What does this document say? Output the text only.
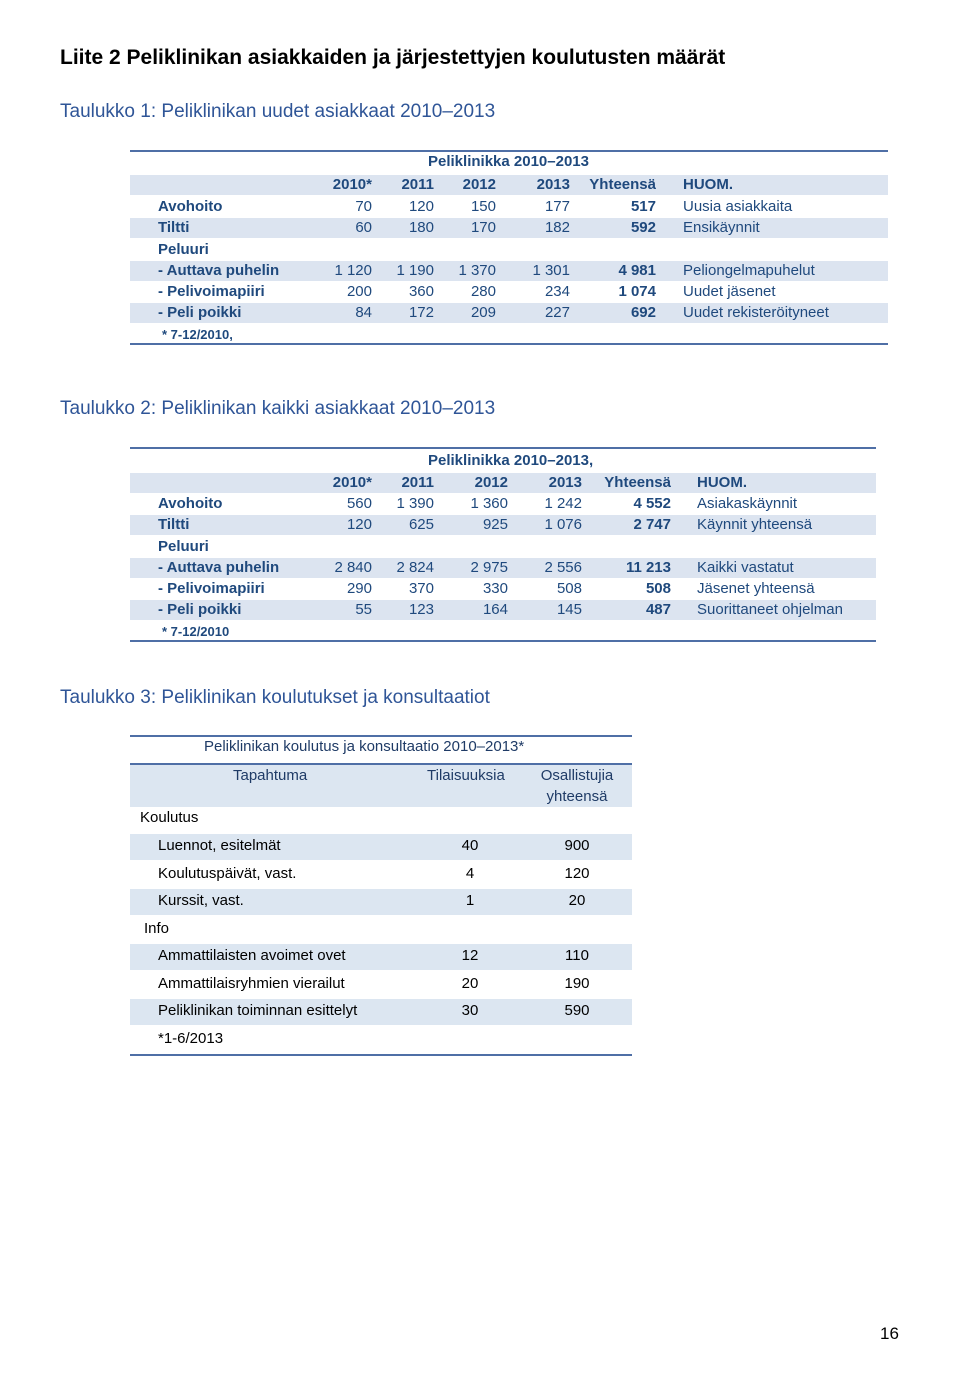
Liite 2 Peliklinikan asiakkaiden ja järjestettyjen koulutusten määrät
Taulukko 1: Peliklinikan uudet asiakkaat 2010–2013
Peliklinikka 2010–2013
2010*	2011	2012	2013	Yhteensä HUOM.
Avohoito	70	120	150	177	517 Uusia asiakkaita
Tiltti	60	180	170	182	592 Ensikäynnit
Peluuri
- Auttava puhelin	1 120	1 190	1 370	1 301	4 981 Peliongelmapuhelut
- Pelivoimapiiri	200	360	280	234	1 074 Uudet jäsenet
- Peli poikki	84	172	209	227	692 Uudet rekisteröityneet
* 7-12/2010,
Taulukko 2: Peliklinikan kaikki asiakkaat 2010–2013
Peliklinikka 2010–2013,
2010*	2011	2012	2013	Yhteensä HUOM.
Avohoito	560	1 390	1 360	1 242	4 552 Asiakaskäynnit
Tiltti	120	625	925	1 076	2 747 Käynnit yhteensä
Peluuri
- Auttava puhelin	2 840	2 824	2 975	2 556	11 213 Kaikki vastatut
- Pelivoimapiiri	290	370	330	508	508 Jäsenet yhteensä
- Peli poikki	55	123	164	145	487 Suorittaneet ohjelman
* 7-12/2010
Taulukko 3: Peliklinikan koulutukset ja konsultaatiot
Peliklinikan koulutus ja konsultaatio 2010–2013*
Tapahtuma	Tilaisuuksia	Osallistujia
yhteensä
Koulutus
Luennot, esitelmät	40	900
Koulutuspäivät, vast.	4	120
Kurssit, vast.	1	20
Info
Ammattilaisten avoimet ovet	12	110
Ammattilaisryhmien vierailut	20	190
Peliklinikan toiminnan esittelyt	30	590
*1-6/2013
16
